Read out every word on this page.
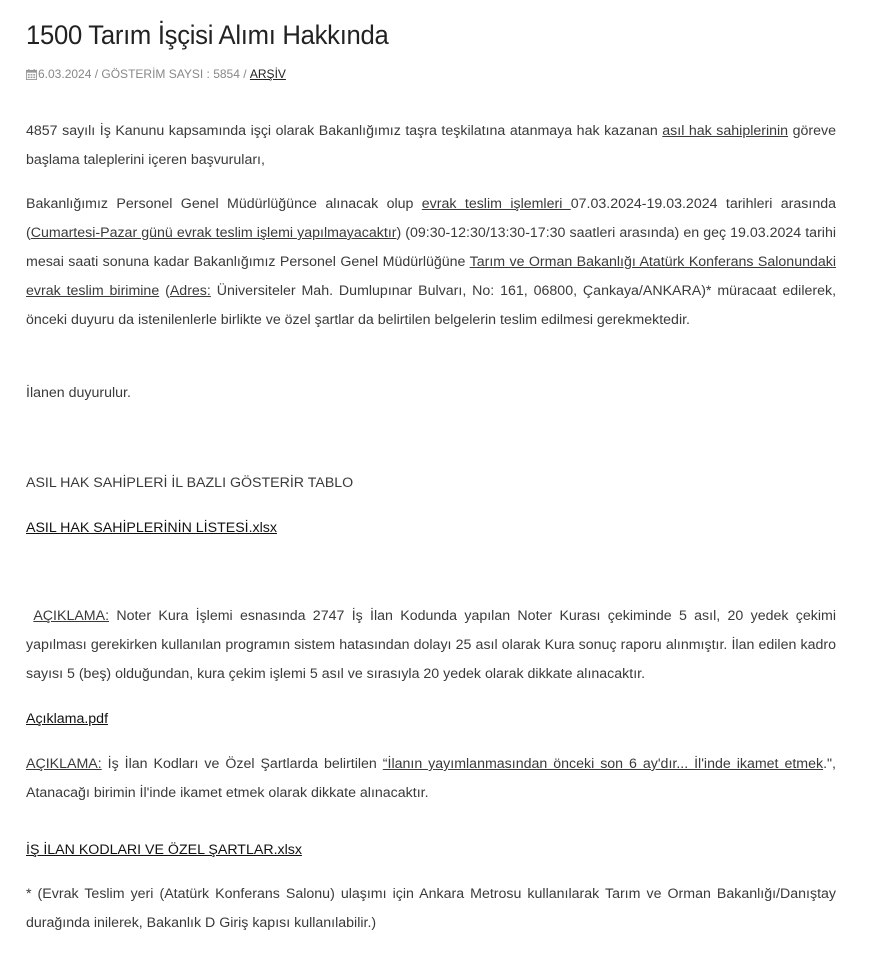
1500 Tarım İşçisi Alımı Hakkında
6.03.2024 / GÖSTERİM SAYSI : 5854 / ARŞİV

4857 sayılı İş Kanunu kapsamında işçi olarak Bakanlığımız taşra teşkilatına atanmaya hak kazanan asıl hak sahiplerinin göreve başlama taleplerini içeren başvuruları,

Bakanlığımız Personel Genel Müdürlüğünce alınacak olup evrak teslim işlemleri 07.03.2024-19.03.2024 tarihleri arasında (Cumartesi-Pazar günü evrak teslim işlemi yapılmayacaktır) (09:30-12:30/13:30-17:30 saatleri arasında) en geç 19.03.2024 tarihi mesai saati sonuna kadar Bakanlığımız Personel Genel Müdürlüğüne Tarım ve Orman Bakanlığı Atatürk Konferans Salonundaki evrak teslim birimine (Adres: Üniversiteler Mah. Dumlupınar Bulvarı, No: 161, 06800, Çankaya/ANKARA)* müracaat edilerek, önceki duyuru da istenilenlerle birlikte ve özel şartlar da belirtilen belgelerin teslim edilmesi gerekmektedir.

İlanen duyurulur.

ASIL HAK SAHİPLERİ İL BAZLI GÖSTERİR TABLO

ASIL HAK SAHİPLERİNİN LİSTESİ.xlsx

AÇIKLAMA: Noter Kura İşlemi esnasında 2747 İş İlan Kodunda yapılan Noter Kurası çekiminde 5 asıl, 20 yedek çekimi yapılması gerekirken kullanılan programın sistem hatasından dolayı 25 asıl olarak Kura sonuç raporu alınmıştır. İlan edilen kadro sayısı 5 (beş) olduğundan, kura çekim işlemi 5 asıl ve sırasıyla 20 yedek olarak dikkate alınacaktır.

Açıklama.pdf

AÇIKLAMA: İş İlan Kodları ve Özel Şartlarda belirtilen “İlanın yayımlanmasından önceki son 6 ay'dır... İl'inde ikamet etmek.", Atanacağı birimin İl'inde ikamet etmek olarak dikkate alınacaktır.

İŞ İLAN KODLARI VE ÖZEL ŞARTLAR.xlsx

* (Evrak Teslim yeri (Atatürk Konferans Salonu) ulaşımı için Ankara Metrosu kullanılarak Tarım ve Orman Bakanlığı/Danıştay durağında inilerek, Bakanlık D Giriş kapısı kullanılabilir.)
